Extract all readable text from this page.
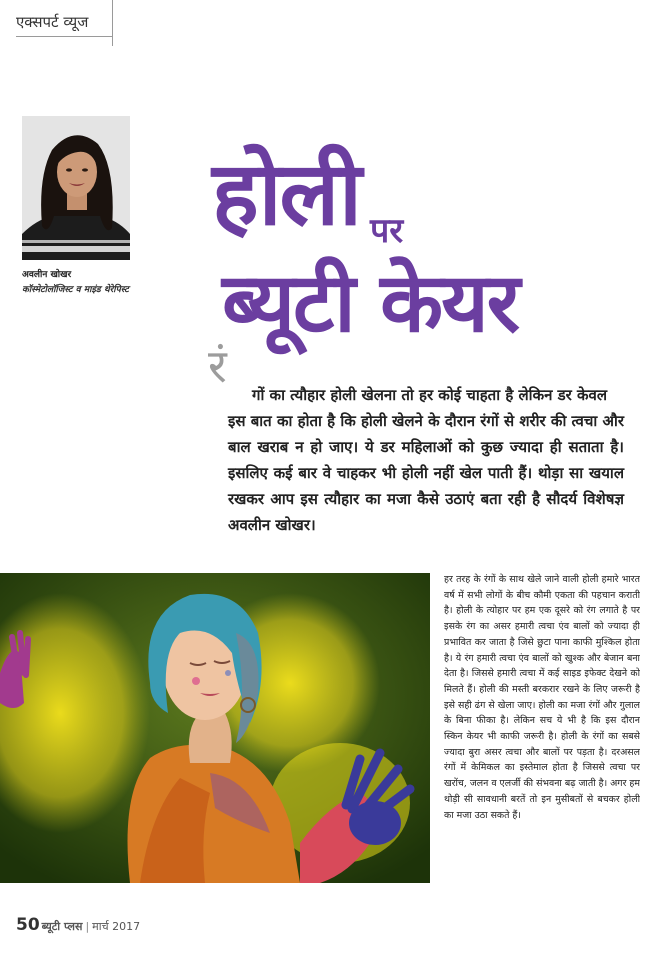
एक्सपर्ट व्यूज
अवलीन खोखर
कॉस्मेटोलॉजिस्ट व माइंड थेरेपिस्ट
होली पर
ब्यूटी केयर
रं
गों का त्यौहार होली खेलना तो हर कोई चाहता है लेकिन डर केवल
इस बात का होता है कि होली खेलने के दौरान रंगों से शरीर की त्वचा और बाल खराब न हो जाए। ये डर महिलाओं को कुछ ज्यादा ही सताता है। इसलिए कई बार वे चाहकर भी होली नहीं खेल पाती हैं। थोड़ा सा खयाल रखकर आप इस त्यौहार का मजा कैसे उठाएं बता रही है सौदर्य विशेषज्ञ अवलीन खोखर।
हर तरह के रंगों के साथ खेले जाने वाली होली हमारे भारत वर्ष में सभी लोगों के बीच कौमी एकता की पहचान कराती है। होली के त्योहार पर हम एक दूसरे को रंग लगाते है पर इसके रंग का असर हमारी त्वचा एंव बालों को ज्यादा ही प्रभावित कर जाता है जिसे छुटा पाना काफी मुश्किल होता है। ये रंग हमारी त्वचा एंव बालों को खुश्क और बेजान बना देता है। जिससे हमारी त्वचा में कई साइड इफेक्ट देखने को मिलते हैं। होली की मस्ती बरकरार रखने के लिए जरूरी है इसे सही ढंग से खेला जाए। होली का मजा रंगों और गुलाल के बिना फीका है। लेकिन सच ये भी है कि इस दौरान स्किन केयर भी काफी जरूरी है। होली के रंगों का सबसे ज्यादा बुरा असर त्वचा और बालों पर पड़ता है। दरअसल रंगों में केमिकल का इस्तेमाल होता है जिससे त्वचा पर खरोंच, जलन व एलर्जी की संभवना बढ़ जाती है। अगर हम थोड़ी सी सावधानी बरतें तो इन मुसीबतों से बचकर होली का मजा उठा सकते हैं।
50 ब्यूटी प्लस | मार्च 2017
